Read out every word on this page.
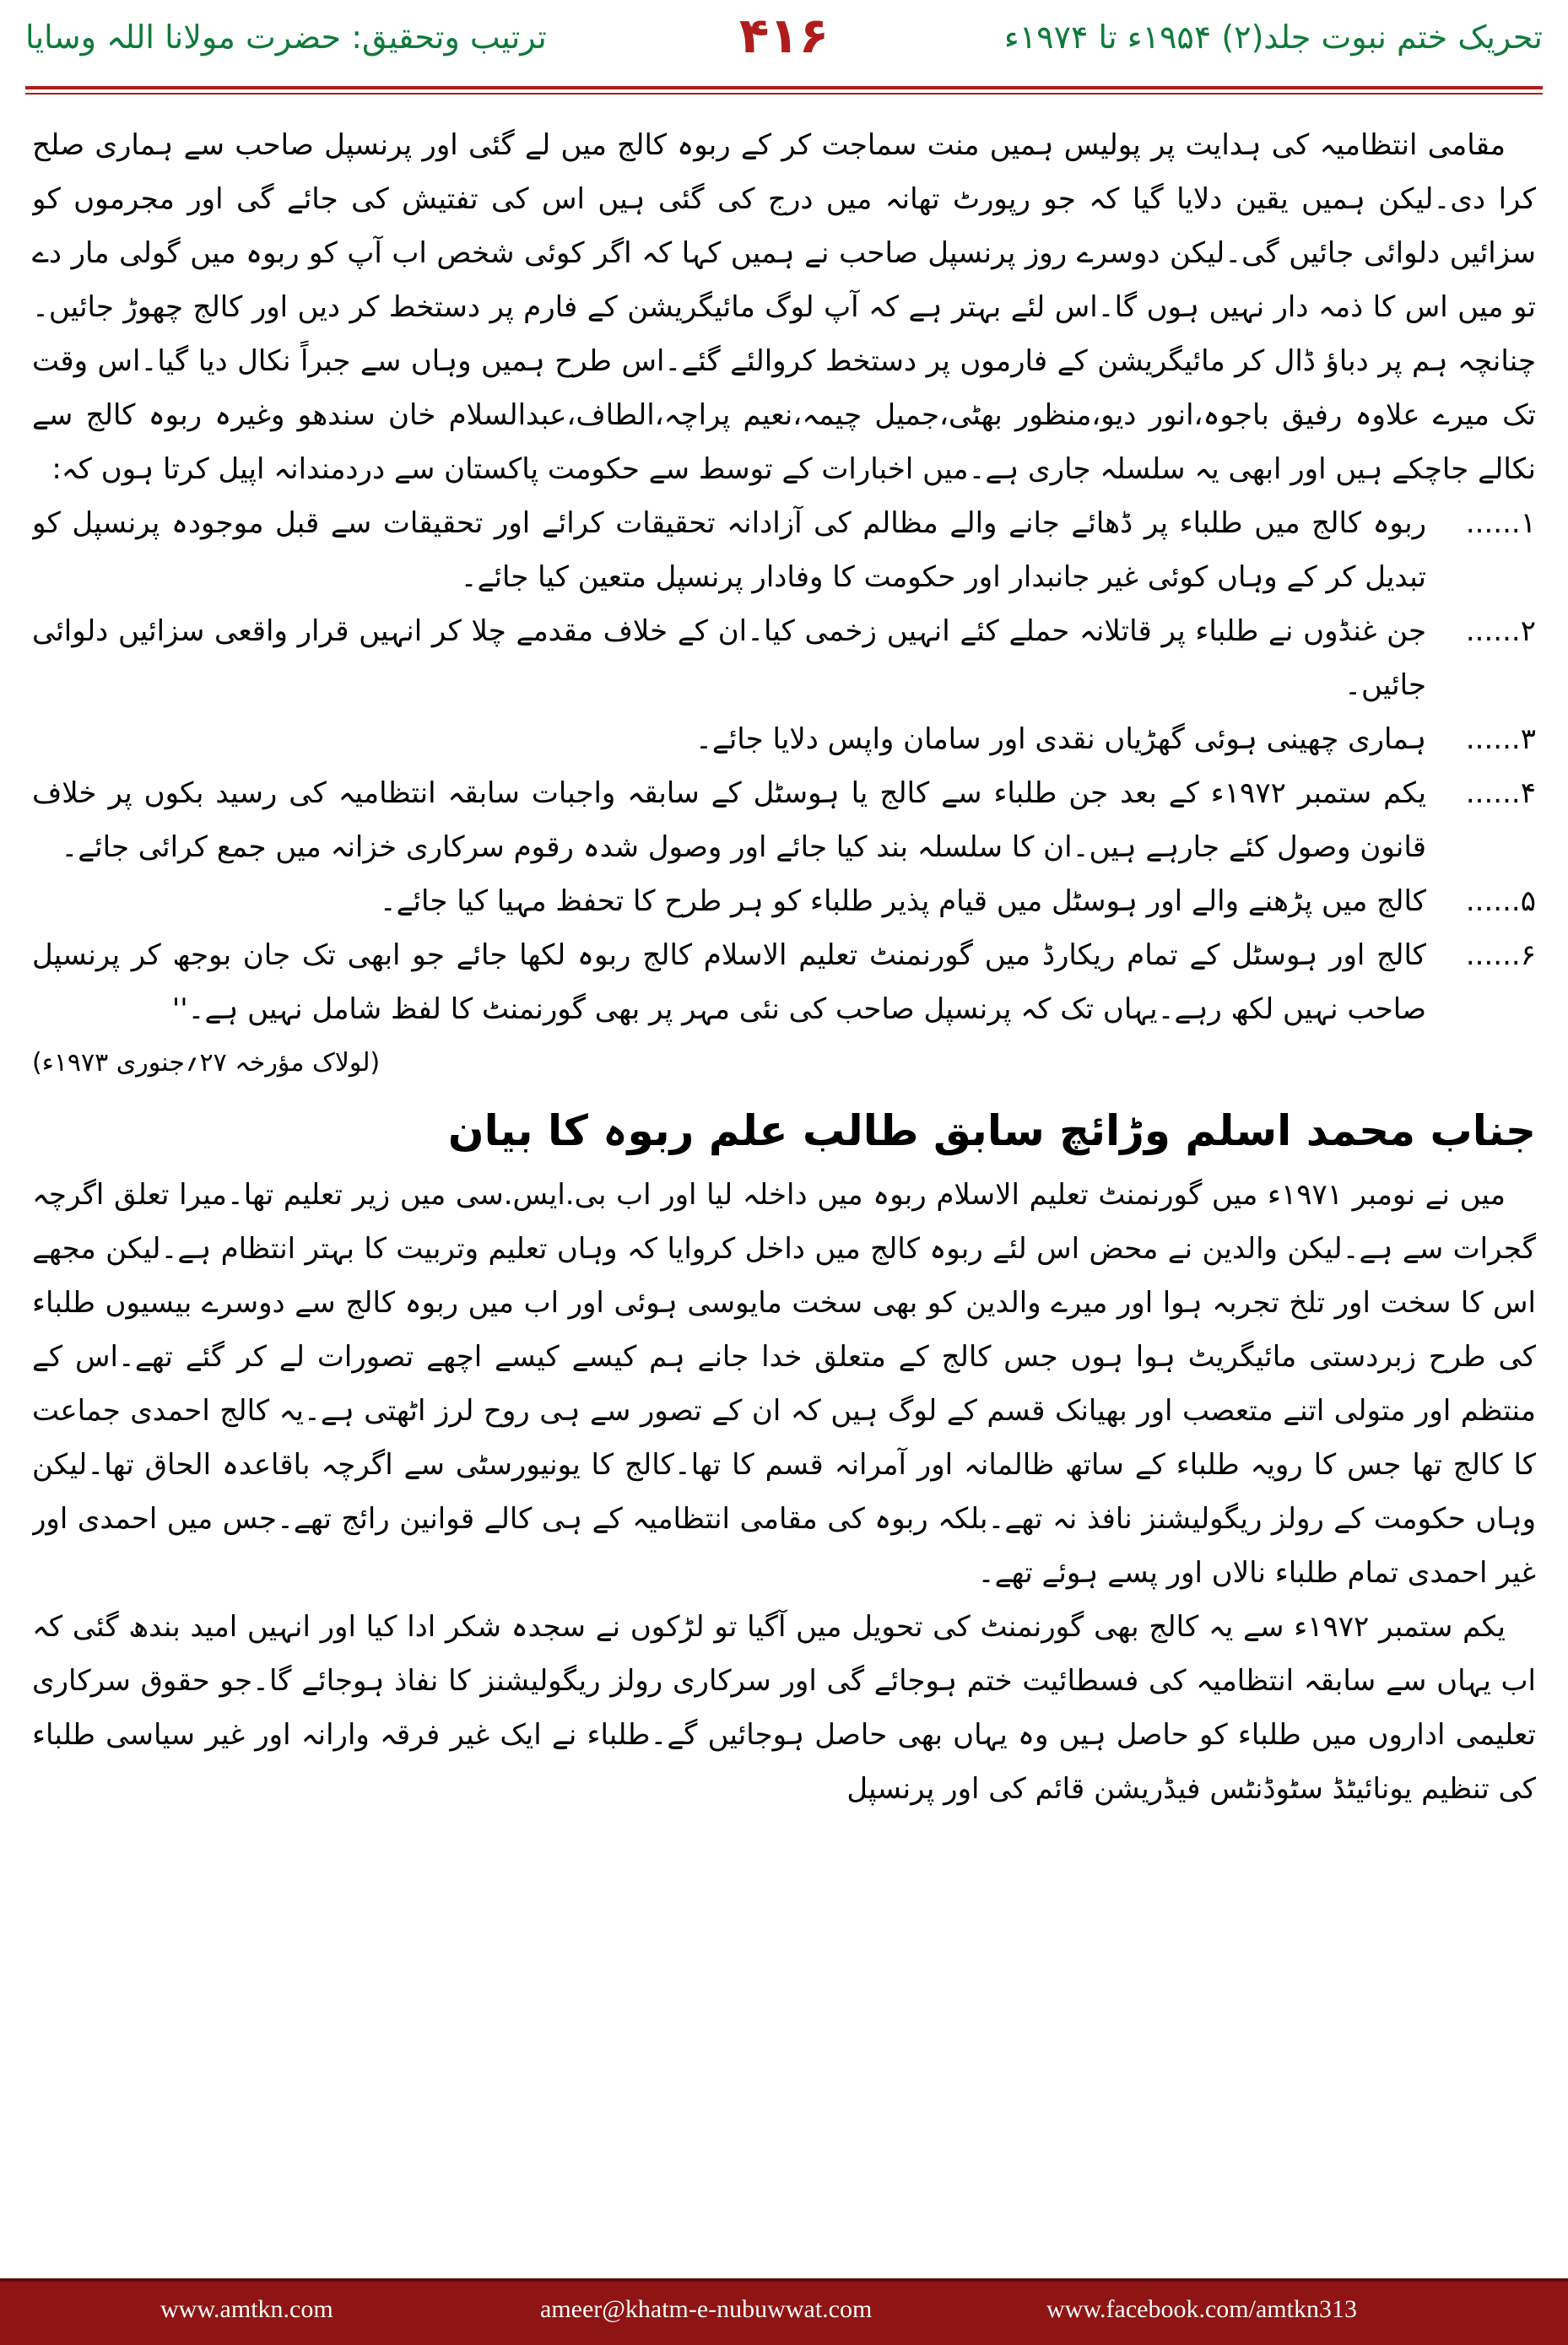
ترتیب وتحقیق: حضرت مولانا اللہ وسایا	۴۱۶	تحریک ختم نبوت جلد(۲) ۱۹۵۴ء تا ۱۹۷۴ء

مقامی انتظامیہ کی ہدایت پر پولیس ہمیں منت سماجت کر کے ربوہ کالج میں لے گئی اور پرنسپل صاحب سے ہماری صلح کرا دی۔لیکن ہمیں یقین دلایا گیا کہ جو رپورٹ تھانہ میں درج کی گئی ہیں اس کی تفتیش کی جائے گی اور مجرموں کو سزائیں دلوائی جائیں گی۔لیکن دوسرے روز پرنسپل صاحب نے ہمیں کہا کہ اگر کوئی شخص اب آپ کو ربوہ میں گولی مار دے تو میں اس کا ذمہ دار نہیں ہوں گا۔اس لئے بہتر ہے کہ آپ لوگ مائیگریشن کے فارم پر دستخط کر دیں اور کالج چھوڑ جائیں۔چنانچہ ہم پر دباؤ ڈال کر مائیگریشن کے فارموں پر دستخط کروالئے گئے۔اس طرح ہمیں وہاں سے جبراً نکال دیا گیا۔اس وقت تک میرے علاوہ رفیق باجوہ،انور دیو،منظور بھٹی،جمیل چیمہ،نعیم پراچہ،الطاف،عبدالسلام خان سندھو وغیرہ ربوہ کالج سے نکالے جاچکے ہیں اور ابھی یہ سلسلہ جاری ہے۔میں اخبارات کے توسط سے حکومت پاکستان سے دردمندانہ اپیل کرتا ہوں کہ:

۱......
ربوہ کالج میں طلباء پر ڈھائے جانے والے مظالم کی آزادانہ تحقیقات کرائے اور تحقیقات سے قبل موجودہ پرنسپل کو تبدیل کر کے وہاں کوئی غیر جانبدار اور حکومت کا وفادار پرنسپل متعین کیا جائے۔
۲......
جن غنڈوں نے طلباء پر قاتلانہ حملے کئے انہیں زخمی کیا۔ان کے خلاف مقدمے چلا کر انہیں قرار واقعی سزائیں دلوائی جائیں۔
۳......
ہماری چھینی ہوئی گھڑیاں نقدی اور سامان واپس دلایا جائے۔
۴......
یکم ستمبر ۱۹۷۲ء کے بعد جن طلباء سے کالج یا ہوسٹل کے سابقہ واجبات سابقہ انتظامیہ کی رسید بکوں پر خلاف قانون وصول کئے جارہے ہیں۔ان کا سلسلہ بند کیا جائے اور وصول شدہ رقوم سرکاری خزانہ میں جمع کرائی جائے۔
۵......
کالج میں پڑھنے والے اور ہوسٹل میں قیام پذیر طلباء کو ہر طرح کا تحفظ مہیا کیا جائے۔
۶......
کالج اور ہوسٹل کے تمام ریکارڈ میں گورنمنٹ تعلیم الاسلام کالج ربوہ لکھا جائے جو ابھی تک جان بوجھ کر پرنسپل صاحب نہیں لکھ رہے۔یہاں تک کہ پرنسپل صاحب کی نئی مہر پر بھی گورنمنٹ کا لفظ شامل نہیں ہے۔''
(لولاک مؤرخہ ۲۷؍جنوری ۱۹۷۳ء)
جناب محمد اسلم وڑائچ سابق طالب علم ربوہ کا بیان

میں نے نومبر ۱۹۷۱ء میں گورنمنٹ تعلیم الاسلام ربوہ میں داخلہ لیا اور اب بی.ایس.سی میں زیر تعلیم تھا۔میرا تعلق اگرچہ گجرات سے ہے۔لیکن والدین نے محض اس لئے ربوہ کالج میں داخل کروایا کہ وہاں تعلیم وتربیت کا بہتر انتظام ہے۔لیکن مجھے اس کا سخت اور تلخ تجربہ ہوا اور میرے والدین کو بھی سخت مایوسی ہوئی اور اب میں ربوہ کالج سے دوسرے بیسیوں طلباء کی طرح زبردستی مائیگریٹ ہوا ہوں جس کالج کے متعلق خدا جانے ہم کیسے کیسے اچھے تصورات لے کر گئے تھے۔اس کے منتظم اور متولی اتنے متعصب اور بھیانک قسم کے لوگ ہیں کہ ان کے تصور سے ہی روح لرز اٹھتی ہے۔یہ کالج احمدی جماعت کا کالج تھا جس کا رویہ طلباء کے ساتھ ظالمانہ اور آمرانہ قسم کا تھا۔کالج کا یونیورسٹی سے اگرچہ باقاعدہ الحاق تھا۔لیکن وہاں حکومت کے رولز ریگولیشنز نافذ نہ تھے۔بلکہ ربوہ کی مقامی انتظامیہ کے ہی کالے قوانین رائج تھے۔جس میں احمدی اور غیر احمدی تمام طلباء نالاں اور پسے ہوئے تھے۔

یکم ستمبر ۱۹۷۲ء سے یہ کالج بھی گورنمنٹ کی تحویل میں آگیا تو لڑکوں نے سجدہ شکر ادا کیا اور انہیں امید بندھ گئی کہ اب یہاں سے سابقہ انتظامیہ کی فسطائیت ختم ہوجائے گی اور سرکاری رولز ریگولیشنز کا نفاذ ہوجائے گا۔جو حقوق سرکاری تعلیمی اداروں میں طلباء کو حاصل ہیں وہ یہاں بھی حاصل ہوجائیں گے۔طلباء نے ایک غیر فرقہ وارانہ اور غیر سیاسی طلباء کی تنظیم یونائیٹڈ سٹوڈنٹس فیڈریشن قائم کی اور پرنسپل

www.amtkn.com	ameer@khatm-e-nubuwwat.com	www.facebook.com/amtkn313
